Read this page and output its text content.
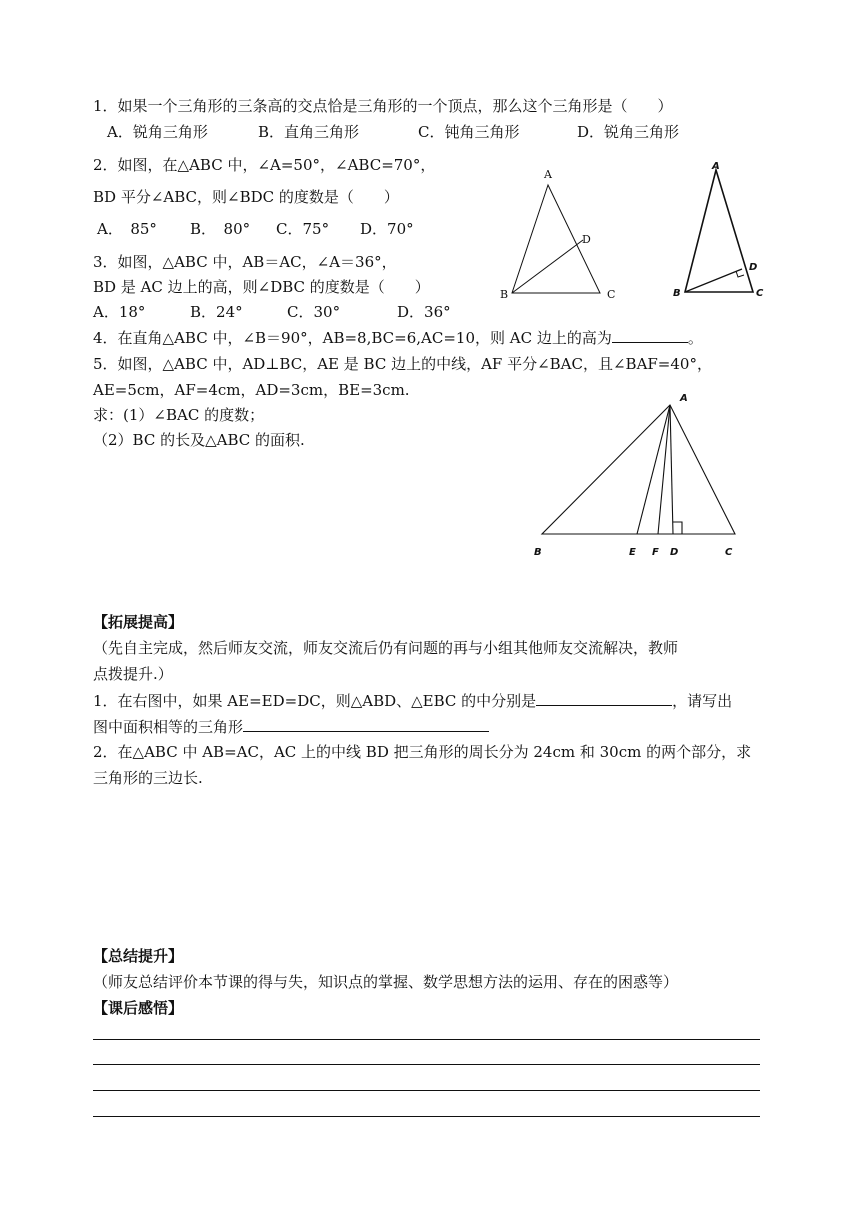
1．如果一个三角形的三条高的交点恰是三角形的一个顶点，那么这个三角形是（　　）
A．锐角三角形	B．直角三角形	C．钝角三角形	D．锐角三角形
2．如图，在△ABC 中，∠A=50°，∠ABC=70°，
BD 平分∠ABC，则∠BDC 的度数是（　　）
A．　85° B．　80° C．75° D．70°
3．如图，△ABC 中，AB＝AC，∠A＝36°，
BD 是 AC 边上的高，则∠DBC 的度数是（　　）
A．18°	B．24°	C．30°	D．36°
4．在直角△ABC 中，∠B＝90°，AB=8,BC=6,AC=10，则 AC 边上的高为	。
5．如图，△ABC 中，AD⊥BC，AE 是 BC 边上的中线，AF 平分∠BAC，且∠BAF=40°，
AE=5cm，AF=4cm，AD=3cm，BE=3cm.
求：(1）∠BAC 的度数；
（2）BC 的长及△ABC 的面积.
A
B	C
D
A
B	C
D
A
B	E F D	C
【拓展提高】
（先自主完成，然后师友交流，师友交流后仍有问题的再与小组其他师友交流解决，教师
点拨提升.）
1．在右图中，如果 AE=ED=DC，则△ABD、△EBC 的中分别是	，请写出
图中面积相等的三角形
2．在△ABC 中 AB=AC，AC 上的中线 BD 把三角形的周长分为 24cm 和 30cm 的两个部分，求
三角形的三边长.
【总结提升】
（师友总结评价本节课的得与失，知识点的掌握、数学思想方法的运用、存在的困惑等）
【课后感悟】
